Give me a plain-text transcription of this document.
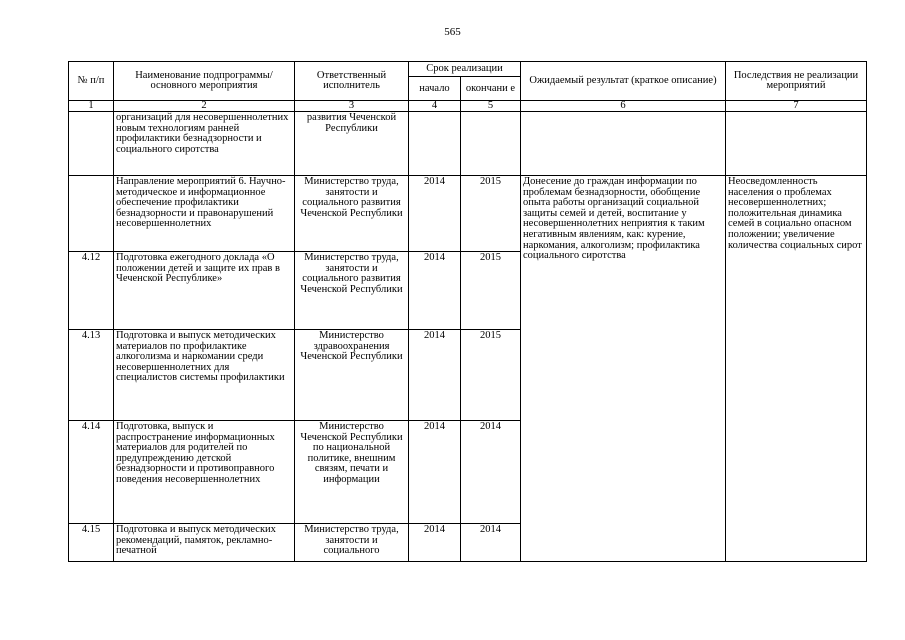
565
№ п/п	Наименование подпрограммы/ основного мероприятия	Ответственный исполнитель	Срок реализации		Ожидаемый результат (краткое описание)	Последствия не реализации мероприятий
			начало	окончани е		
1	2	3	4	5	6	7
	организаций для несовершеннолетних новым технологиям ранней профилактики безнадзорности и социального сиротства	развития Чеченской Республики				
	Направление мероприятий 6. Научно-методическое и информационное обеспечение профилактики безнадзорности и правонарушений несовершеннолетних	Министерство труда, занятости и социального развития Чеченской Республики	2014	2015	Донесение до граждан информации по проблемам безнадзорности, обобщение опыта работы организаций социальной защиты семей и детей, воспитание у несовершеннолетних неприятия к таким негативным явлениям, как: курение, наркомания, алкоголизм; профилактика социального сиротства	Неосведомленность населения о проблемах несовершеннолетних; положительная динамика семей в социально опасном положении; увеличение количества социальных сирот
4.12	Подготовка ежегодного доклада «О положении детей и защите их прав в Чеченской Республике»	Министерство труда, занятости и социального развития Чеченской Республики	2014	2015		
4.13	Подготовка и выпуск методических материалов по профилактике алкоголизма и наркомании среди несовершеннолетних для специалистов системы профилактики	Министерство здравоохранения Чеченской Республики	2014	2015		
4.14	Подготовка, выпуск и распространение информационных материалов для родителей по предупреждению детской безнадзорности и противоправного поведения несовершеннолетних	Министерство Чеченской Республики по национальной политике, внешним связям, печати и информации	2014	2014		
4.15	Подготовка и выпуск методических рекомендаций, памяток, рекламно-печатной	Министерство труда, занятости и социального	2014	2014		
